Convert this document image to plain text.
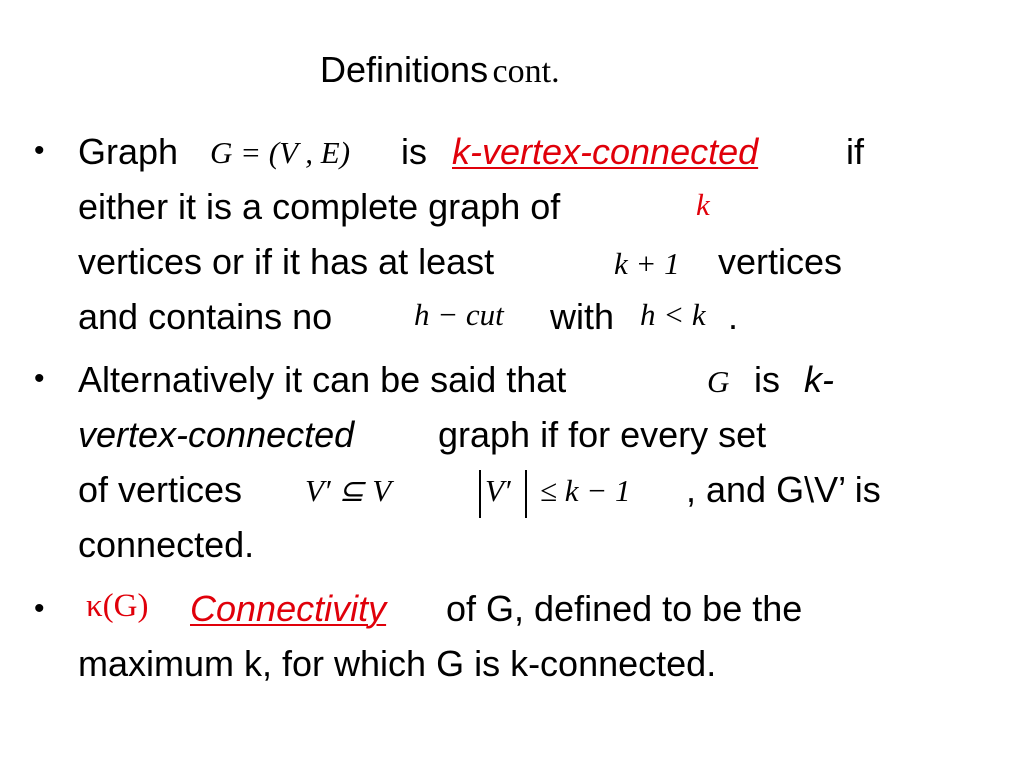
Definitions cont.
• Graph G = (V , E) is k-vertex-connected if
either it is a complete graph of	k
vertices or if it has at least	k + 1 vertices
and contains no	h − cut with h < k .
• Alternatively it can be said that	G is k-
vertex-connected graph if for every set
of vertices V′ ⊆ V	V′ ≤ k − 1 , and G\V’ is
connected.
• κ(G) Connectivity of G, defined to be the
maximum k, for which G is k-connected.
